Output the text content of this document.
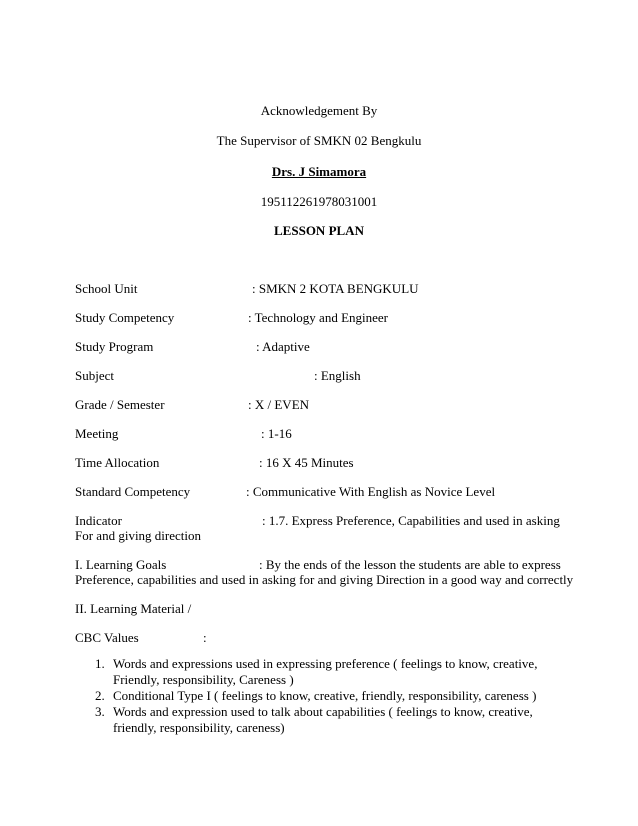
Acknowledgement By
The Supervisor of SMKN 02 Bengkulu
Drs. J Simamora
195112261978031001
LESSON PLAN
School Unit	: SMKN 2 KOTA BENGKULU
Study Competency	: Technology and Engineer
Study Program	: Adaptive
Subject	: English
Grade / Semester	: X / EVEN
Meeting	: 1-16
Time Allocation	: 16 X 45 Minutes
Standard Competency	: Communicative With English as Novice Level
Indicator	: 1.7. Express Preference, Capabilities and used in asking
For and giving direction
I. Learning Goals	: By the ends of the lesson the students are able to express
Preference, capabilities and used in asking for and giving Direction in a good way and correctly
II. Learning Material /
CBC Values	:
1. Words and expressions used in expressing preference ( feelings to know, creative,
Friendly, responsibility, Careness )
2. Conditional Type I ( feelings to know, creative, friendly, responsibility, careness )
3. Words and expression used to talk about capabilities ( feelings to know, creative,
friendly, responsibility, careness)
